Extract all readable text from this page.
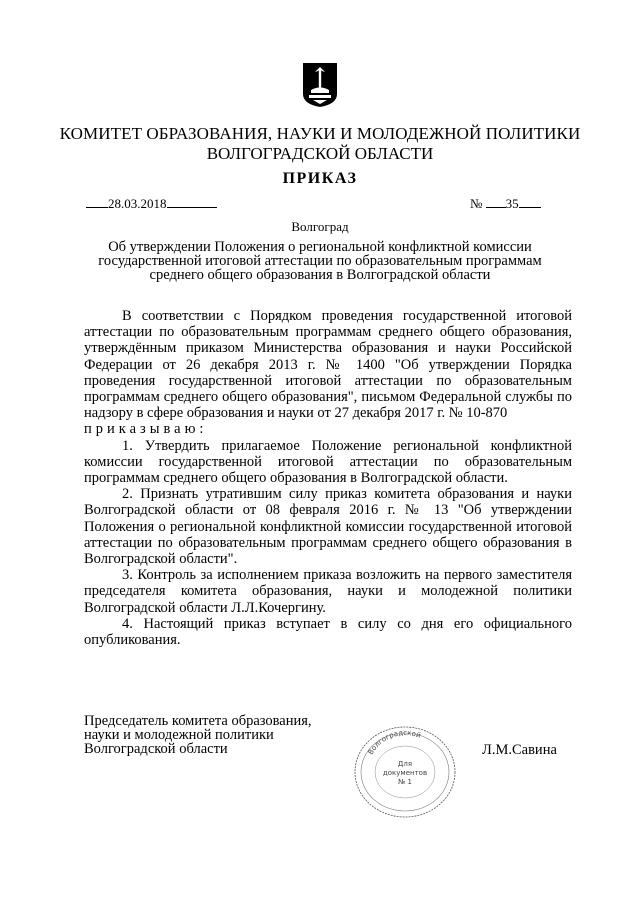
КОМИТЕТ ОБРАЗОВАНИЯ, НАУКИ И МОЛОДЕЖНОЙ ПОЛИТИКИ
ВОЛГОГРАДСКОЙ ОБЛАСТИ
ПРИКАЗ
28.03.2018	№ 35
Волгоград
Об утверждении Положения о региональной конфликтной комиссии
государственной итоговой аттестации по образовательным программам
среднего общего образования в Волгоградской области

В соответствии с Порядком проведения государственной итоговой аттестации по образовательным программам среднего общего образования, утверждённым приказом Министерства образования и науки Российской Федерации от 26 декабря 2013 г. № 1400 "Об утверждении Порядка проведения государственной итоговой аттестации по образовательным программам среднего общего образования", письмом Федеральной службы по надзору в сфере образования и науки от 27 декабря 2017 г. № 10-870

приказываю:

1. Утвердить прилагаемое Положение региональной конфликтной комиссии государственной итоговой аттестации по образовательным программам среднего общего образования в Волгоградской области.

2. Признать утратившим силу приказ комитета образования и науки Волгоградской области от 08 февраля 2016 г. № 13 "Об утверждении Положения о региональной конфликтной комиссии государственной итоговой аттестации по образовательным программам среднего общего образования в Волгоградской области".

3. Контроль за исполнением приказа возложить на первого заместителя председателя комитета образования, науки и молодежной политики Волгоградской области Л.Л.Кочергину.

4. Настоящий приказ вступает в силу со дня его официального опубликования.

Председатель комитета образования,
науки и молодежной политики
Волгоградской области	Волгоградской
Для
документов
№ 1
Л.М.Савина
